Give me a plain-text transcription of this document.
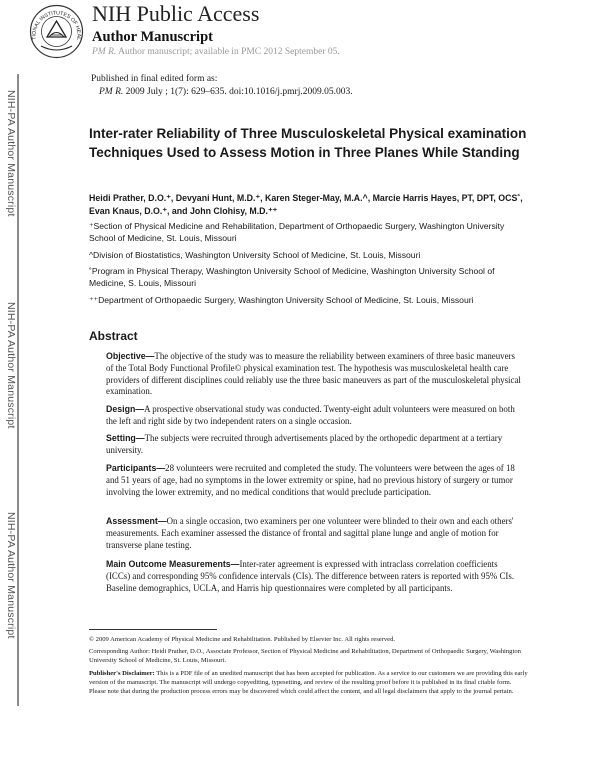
NIH-PA Author Manuscript
NIH-PA Author Manuscript
NIH-PA Author Manuscript
TIONAL INSTITUTES OF HEAL
NIH Public Access
Author Manuscript
PM R. Author manuscript; available in PMC 2012 September 05.
Published in final edited form as:
PM R. 2009 July ; 1(7): 629–635. doi:10.1016/j.pmrj.2009.05.003.
Inter-rater Reliability of Three Musculoskeletal Physical examination Techniques Used to Assess Motion in Three Planes While Standing
Heidi Prather, D.O.⁺, Devyani Hunt, M.D.⁺, Karen Steger-May, M.A.^, Marcie Harris Hayes, PT, DPT, OCS˚, Evan Knaus, D.O.⁺, and John Clohisy, M.D.⁺⁺
⁺Section of Physical Medicine and Rehabilitation, Department of Orthopaedic Surgery, Washington University School of Medicine, St. Louis, Missouri
^Division of Biostatistics, Washington University School of Medicine, St. Louis, Missouri
˚Program in Physical Therapy, Washington University School of Medicine, Washington University School of Medicine, S. Louis, Missouri
⁺⁺Department of Orthopaedic Surgery, Washington University School of Medicine, St. Louis, Missouri
Abstract
Objective—The objective of the study was to measure the reliability between examiners of three basic maneuvers of the Total Body Functional Profile© physical examination test. The hypothesis was musculoskeletal health care providers of different disciplines could reliably use the three basic maneuvers as part of the musculoskeletal physical examination.
Design—A prospective observational study was conducted. Twenty-eight adult volunteers were measured on both the left and right side by two independent raters on a single occasion.
Setting—The subjects were recruited through advertisements placed by the orthopedic department at a tertiary university.
Participants—28 volunteers were recruited and completed the study. The volunteers were between the ages of 18 and 51 years of age, had no symptoms in the lower extremity or spine, had no previous history of surgery or tumor involving the lower extremity, and no medical conditions that would preclude participation.
Assessment—On a single occasion, two examiners per one volunteer were blinded to their own and each others' measurements. Each examiner assessed the distance of frontal and sagittal plane lunge and angle of motion for transverse plane testing.
Main Outcome Measurements—Inter-rater agreement is expressed with intraclass correlation coefficients (ICCs) and corresponding 95% confidence intervals (CIs). The difference between raters is reported with 95% CIs. Baseline demographics, UCLA, and Harris hip questionnaires were completed by all participants.

© 2009 American Academy of Physical Medicine and Rehabilitation. Published by Elsevier Inc. All rights reserved.

Corresponding Author: Heidi Prather, D.O., Associate Professor, Section of Physical Medicine and Rehabilitation, Department of Orthopaedic Surgery, Washington University School of Medicine, St. Louis, Missouri.

Publisher's Disclaimer: This is a PDF file of an unedited manuscript that has been accepted for publication. As a service to our customers we are providing this early version of the manuscript. The manuscript will undergo copyediting, typesetting, and review of the resulting proof before it is published in its final citable form. Please note that during the production process errors may be discovered which could affect the content, and all legal disclaimers that apply to the journal pertain.
